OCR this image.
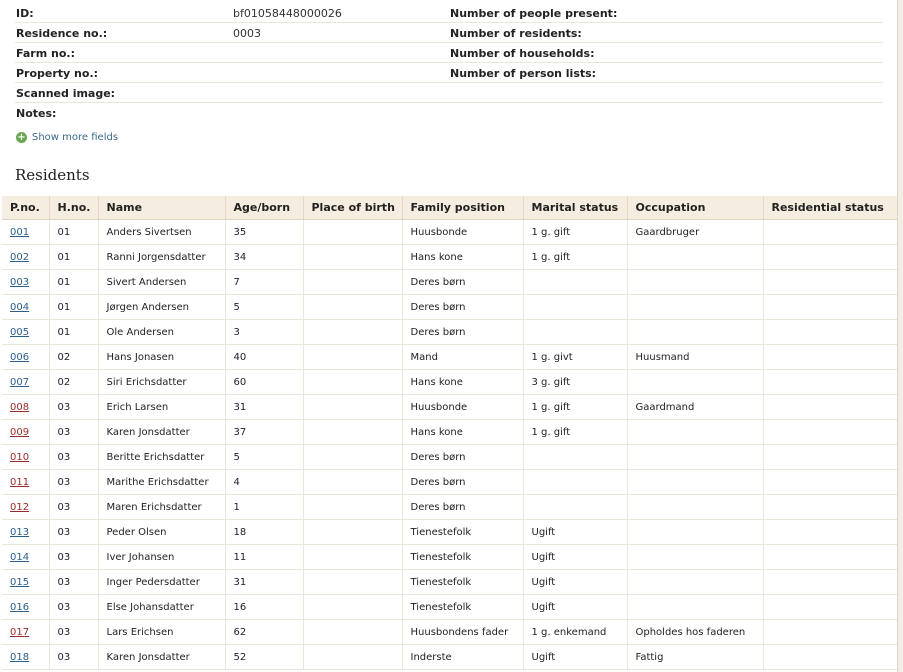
ID:	bf01058448000026	Number of people present:
Residence no.:	0003	Number of residents:
Farm no.:	Number of households:
Property no.:	Number of person lists:
Scanned image:
Notes:
+ Show more fields
Residents
P.no.	H.no.	Name	Age/born	Place of birth	Family position	Marital status	Occupation	Residential status
001	01	Anders Sivertsen	35		Huusbonde	1 g. gift	Gaardbruger	
002	01	Ranni Jorgensdatter	34		Hans kone	1 g. gift		
003	01	Sivert Andersen	7		Deres børn			
004	01	Jørgen Andersen	5		Deres børn			
005	01	Ole Andersen	3		Deres børn			
006	02	Hans Jonasen	40		Mand	1 g. givt	Huusmand	
007	02	Siri Erichsdatter	60		Hans kone	3 g. gift		
008	03	Erich Larsen	31		Huusbonde	1 g. gift	Gaardmand	
009	03	Karen Jonsdatter	37		Hans kone	1 g. gift		
010	03	Beritte Erichsdatter	5		Deres børn			
011	03	Marithe Erichsdatter	4		Deres børn			
012	03	Maren Erichsdatter	1		Deres børn			
013	03	Peder Olsen	18		Tienestefolk	Ugift		
014	03	Iver Johansen	11		Tienestefolk	Ugift		
015	03	Inger Pedersdatter	31		Tienestefolk	Ugift		
016	03	Else Johansdatter	16		Tienestefolk	Ugift		
017	03	Lars Erichsen	62		Huusbondens fader	1 g. enkemand	Opholdes hos faderen	
018	03	Karen Jonsdatter	52		Inderste	Ugift	Fattig	
